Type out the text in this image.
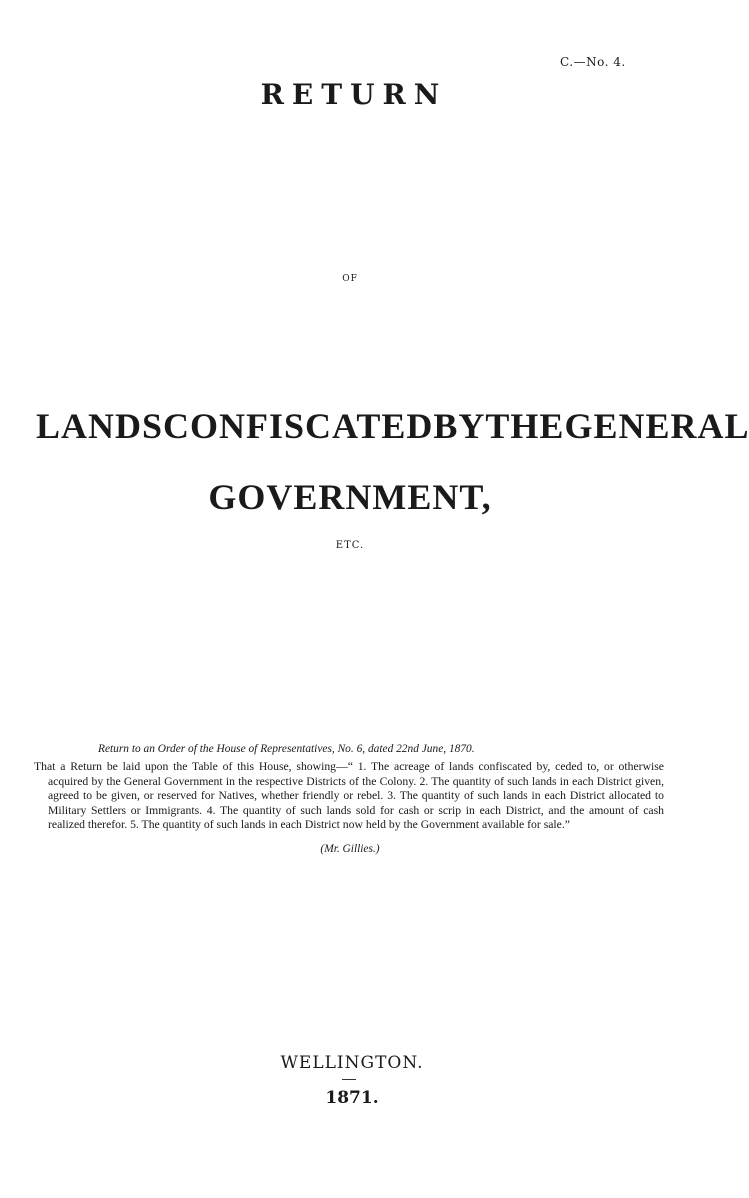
C.—No. 4.
RETURN
OF
LANDS CONFISCATED BY THE GENERAL
GOVERNMENT,
ETC.
Return to an Order of the House of Representatives, No. 6, dated 22nd June, 1870.

That a Return be laid upon the Table of this House, showing—“ 1. The acreage of lands confiscated by, ceded to, or otherwise acquired by the General Government in the respective Districts of the Colony. 2. The quantity of such lands in each District given, agreed to be given, or reserved for Natives, whether friendly or rebel. 3. The quantity of such lands in each District allocated to Military Settlers or Immigrants. 4. The quantity of such lands sold for cash or scrip in each District, and the amount of cash realized therefor. 5. The quantity of such lands in each District now held by the Government available for sale.”

(Mr. Gillies.)
WELLINGTON.
1871.
